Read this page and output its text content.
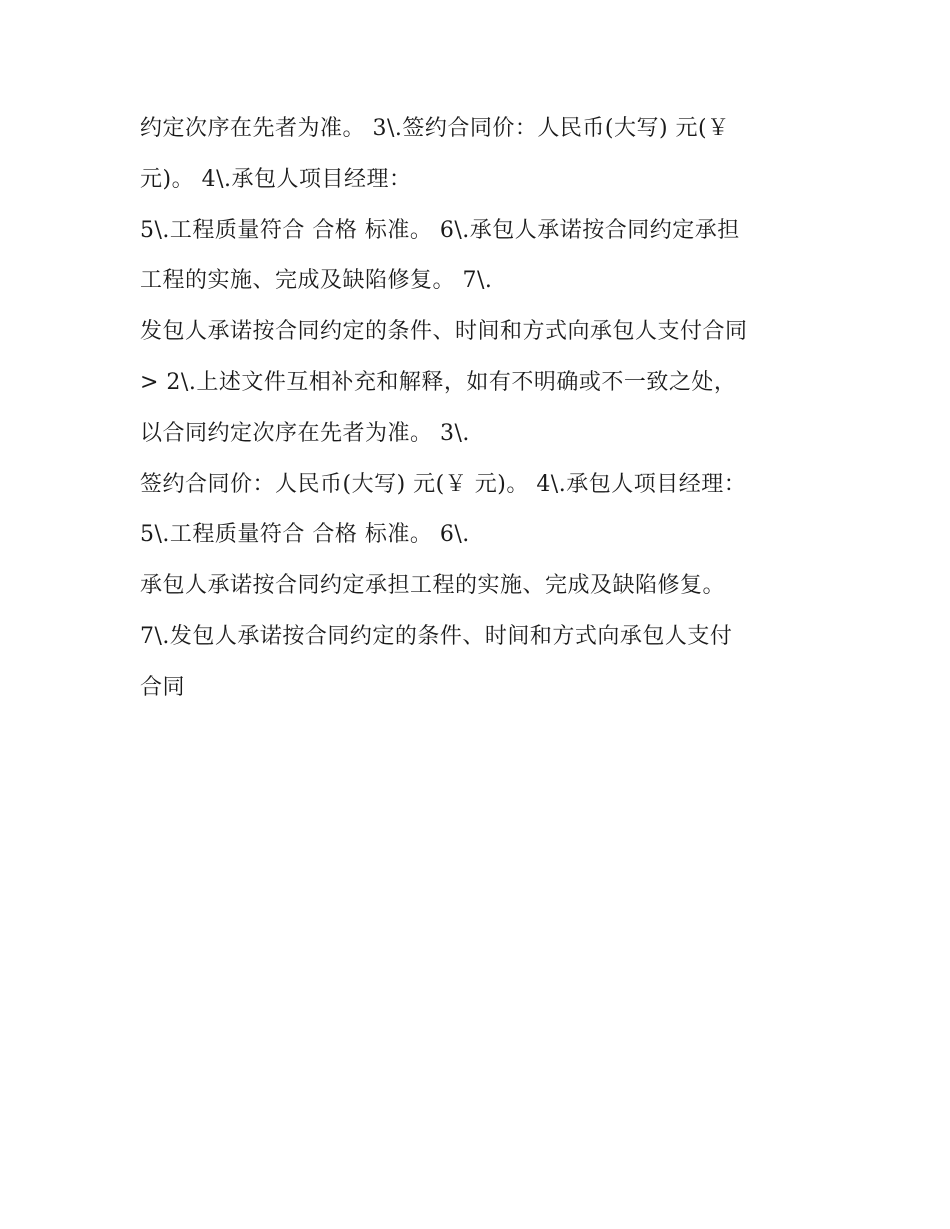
约定次序在先者为准。 3\.签约合同价：人民币(大写) 元(￥
元)。 4\.承包人项目经理：
5\.工程质量符合 合格 标准。 6\.承包人承诺按合同约定承担
工程的实施、完成及缺陷修复。 7\.
发包人承诺按合同约定的条件、时间和方式向承包人支付合同
> 2\.上述文件互相补充和解释，如有不明确或不一致之处，
以合同约定次序在先者为准。 3\.
签约合同价：人民币(大写) 元(￥ 元)。 4\.承包人项目经理：
5\.工程质量符合 合格 标准。 6\.
承包人承诺按合同约定承担工程的实施、完成及缺陷修复。
7\.发包人承诺按合同约定的条件、时间和方式向承包人支付
合同
